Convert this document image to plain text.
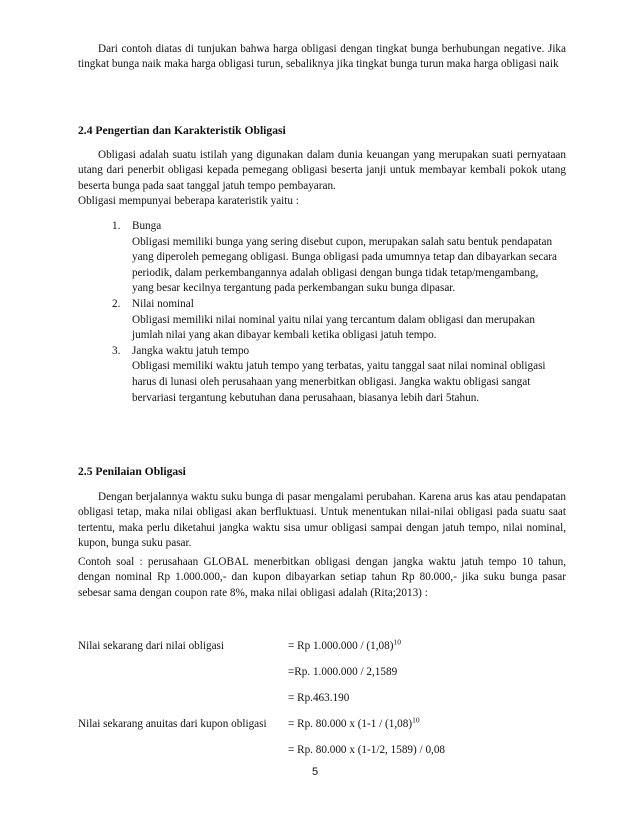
Dari contoh diatas di tunjukan bahwa harga obligasi dengan tingkat bunga berhubungan negative. Jika tingkat bunga naik maka harga obligasi turun, sebaliknya jika tingkat bunga turun maka harga obligasi naik

2.4 Pengertian dan Karakteristik Obligasi

Obligasi adalah suatu istilah yang digunakan dalam dunia keuangan yang merupakan suati pernyataan utang dari penerbit obligasi kepada pemegang obligasi beserta janji untuk membayar kembali pokok utang beserta bunga pada saat tanggal jatuh tempo pembayaran.

Obligasi mempunyai beberapa karateristik yaitu :

1. Bunga
Obligasi memiliki bunga yang sering disebut cupon, merupakan salah satu bentuk pendapatan yang diperoleh pemegang obligasi. Bunga obligasi pada umumnya tetap dan dibayarkan secara periodik, dalam perkembangannya adalah obligasi dengan bunga tidak tetap/mengambang, yang besar kecilnya tergantung pada perkembangan suku bunga dipasar.
2. Nilai nominal
Obligasi memiliki nilai nominal yaitu nilai yang tercantum dalam obligasi dan merupakan jumlah nilai yang akan dibayar kembali ketika obligasi jatuh tempo.
3. Jangka waktu jatuh tempo
Obligasi memiliki waktu jatuh tempo yang terbatas, yaitu tanggal saat nilai nominal obligasi harus di lunasi oleh perusahaan yang menerbitkan obligasi. Jangka waktu obligasi sangat bervariasi tergantung kebutuhan dana perusahaan, biasanya lebih dari 5tahun.

2.5 Penilaian Obligasi

Dengan berjalannya waktu suku bunga di pasar mengalami perubahan. Karena arus kas atau pendapatan obligasi tetap, maka nilai obligasi akan berfluktuasi. Untuk menentukan nilai-nilai obligasi pada suatu saat tertentu, maka perlu diketahui jangka waktu sisa umur obligasi sampai dengan jatuh tempo, nilai nominal, kupon, bunga suku pasar.

Contoh soal : perusahaan GLOBAL menerbitkan obligasi dengan jangka waktu jatuh tempo 10 tahun, dengan nominal Rp 1.000.000,- dan kupon dibayarkan setiap tahun Rp 80.000,- jika suku bunga pasar sebesar sama dengan coupon rate 8%, maka nilai obligasi adalah (Rita;2013) :

Nilai sekarang dari nilai obligasi	= Rp $1.000.000 / (1,08)^{10}$
=Rp. 1.000.000 / 2,1589
= Rp.463.190
Nilai sekarang anuitas dari kupon obligasi = Rp. 80.000 x ($1-1 / (1,08)^{10}$
= Rp. 80.000 x (1-1/2, 1589) / 0,08
5
